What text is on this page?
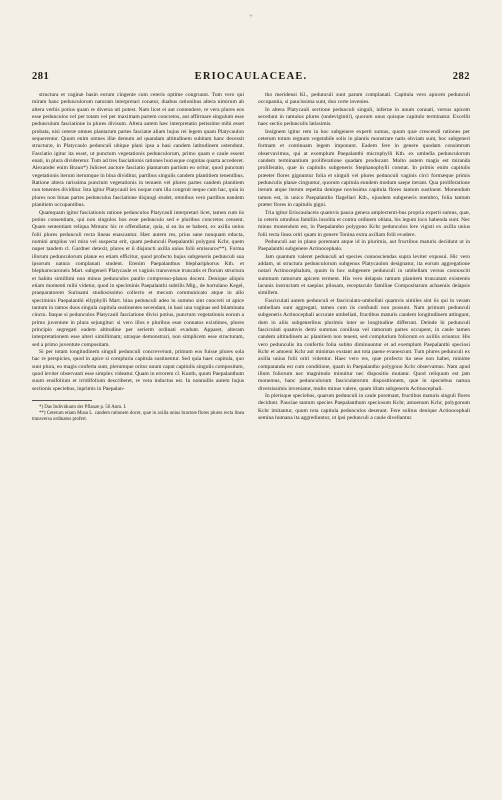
+
281	ERIOCAULACEAE.	282

structura et vaginæ basin eorum cingente cum ceteris optime congruunt. Tum vero qui miram hanc pedunculorum naturam interpretari conatur, duabus rationibus altera nimirum ab altera verbis potius quam re diversa uti potest. Nam licet ei aut contendere, re vera plures eos esse pedunculos vel per totam vel per maximam partem concretos, aut affirmare singulum esse pedunculum fasciatione in plures divisum. Altera autem hæc interpretatio petissime mihi esset probata, nisi ceteræ omnes plantarum partes fasciatæ aliam hujus rei legem quam Platycaulon sequerentur. Quum enim omnes illæ demum ad quandam altitudinem subitam hanc decessit structuræ, in Platycaulo pedunculi ubique plani ipsa a basi candem latitudinem ostendunt. Fasciatio igitur ita esset, ut punctum vegetationis pedunculorum, primo quam e caule essent enati, in plura divideretur. Tum ad tres fasciationis rationes hucusque cognitas quarta accederet. Alexander enim Braun*) Juliceet auctore fasciatio plantarum partium eo oritur, quod punctum vegetationis iterum iterumque in bina dividitur, partibus singulis candem plantitiem tenentibus. Ratione altera rarissima punctum vegetationis in tenuem vel plures partes candem planitiem non tenentes dividitur. Ista igitur Platycauli lex noque cum illa congrnit neque cum hac, quia in plures non binas partes pedunculus fasciatione disjungi studet, omnibus vero partibus eandem planitiem occupantibus.

Quamquam igitur fasciationis ratione pedunculos Platycauli interpretari licet, tamen cum iis potius consentiam, qui non singulos hos esse pedunculo sed e pluribus concretos censent. Quam sententiam reliqua Mrnunc hic re offendiatur, quia, si ea ita se habent, ex axilla unius folii plures pedunculi recta lineas enascantur. Hæc autem res, prius sane nunquam educta, nomini amplius vel mira vel suspecta erit, quam pedunculi Paepalanthi polygoni Kchr, quem nuper tandem cl. Gardner detexit, plures et ii disjuncti axilla unius folii emissuros**). Forma illorum pedunculorum planæ eo etiam efficitur, quod profecto hujus subgeneris pedunculi sua ipsorum natura complanati student. Etenim Paepalanthus blephariphorus Kth. et blepharocaroneis Mart. subgeneri Platycaule et vaginis transversæ truncatis et florum structura et habitu simillimi non minus pedunculos paullo compresso-planos docent. Denique aliquis etiam momenti mihi videtur, quod in speciminis Paepalanthi subtilis Mig., de hortulano Kegel, praeparatorem Surinami studiosissimo collecto et mecum communicato atque in allo speciminis Paepalanthi ellyphylli Mart. bina pedunculi adeo in summo sint concreti ut apice tantum in ramos duos singula capitula sustinentes secendant, in basi una vaginas sed bilaminata cinctu. Itaque si pedunculos Platycauli fasciatione divisi potius, punctum vegetationis eorum a primo juventute in plura sejungitur: si vero illos e pluribus esse connatos existimes, plures principio segregati eadem altitudine per serierm ordinati evadunt. Apparet, alteram interpretationem esse alteri simillimam; utraque demonstrari, non simplicem esse structuram, sed a primo juventute compositam.

Si per totam longitudinem singuli pedunculi concreverunt, primum eos fuisse plures sola hac re perspicies, quod in apice si compluria capitula sustinentur. Sed quia haec capitula, quo sunt plura, eo magis conferta sunt, plerumque oritur unum caput capitulis singulis compositum, quod leviter observanti esse simplex videatur. Quam in errorem cl. Kunth, quum Paepalanthum suum ensifolium et irridifolium describeret, re vera inductus est. In nonnullis autem hujus sectionis speciebus, inprimis in Paepalan-

*) Das Individuum der Pflanze p. 56 Anm. I.

**) Ceterum etiam Musa L. candem rationem docet, quæ in axilla unius bracteæ flores plures recta linea transversa ordinatos profert.

tho meridensi Kl., pedunculi sunt parum complanati. Capitula vero apicem pedunculi occupantia, si paucissima sunt, duo certe invenies.

In altera Platycauli sectione pedunculi singuli, inferne in unum connati, versus apicem secedunt in ramulos plures (undevigintii), quorum unus quisque capitulo terminatur. Excellit haec sectio pedunculis latissimis.

Insignem igitur rem in hoc subgenere experti sumus, quum quæ crescendi rationes per ceterum totum regnum vegetabile solis in plantis monstrare natis obviam sunt, hoc subgeneri formam et continuam legem imponunt. Eadem fere in genere quodam consimrum observavimus, qui at exemplum Paepalanthi microphylli Kth. ex umbella pedunculorum candem terminantium proliferatione quadam producant. Multo autem magis est miranda proliferatio, quæ in capitulis subgeneris Stephanophylli constat. In primis enim capitulis præeter flores gignuntur folia et singuli vel plures pedunculi vaginis circi formæque primis pedunculis planæ cinguntur, quorum capitula eundem modum saepe iterant. Qua proliferatione iterum atque iterum repetita denique novissima capitula flores tantum sustinent. Monendum tamen est, in unico Paepalantho flagellari Kth., ejusdem subgeneris membro, folia tantum præter flores in capitulis gigni.

Tria igitur Eriocaulaceis quamvis pauca genera amplectenti-bus propria experti sumus, quæ, in ceteris omnibus familiis insolita et contra ordinem oblata, his legum loco habenda sunt. Nec minus monendum est, in Paepalantho polygono Kchr pedunculos lere vigisti ex axilla unius folii recta linea oriri quam in genere Tonina extra axillam folii evadere.

Pedunculi aut in plano poremant atque id in plurimis, aut fructibus maturis decidunt ut in Paepalanthi subgenere Actinocephalo.

Jam quantum valeret pedunculi ad species connosciendas supra leviter exposui. Hic vero addam, ut structura pedunculorum subgenus Platycaulon designatur, ita eorum aggregatione notari Actinocephalum, quum in hoc subgenere pedunculi in umbellam versus connosciti summum ramorum apicem terment. His vero delapsis ramum planitem truncatam existentis lacunis instructam et saepius pilosam, receptaculo familiae Compositarum achaeniis delapsis simillem.

Fasciculati autem pedunculi et fasciculato-umbellati quamvis similes sint iis qui in veram umbellam sunt aggregati, tamen cum iis confundi non possunt. Nam primum pedunculi subgeneris Actinocephali accurate umbellati, fructibus maturis candem longitudinem attingunt, dum in aliis subgeneribus plurimis inter se longitudine differunt. Deinde hi pedunculi fasciculati quamvis demi summas conilissa vel ramorum partes occupent, in caule tamen candem altitudinem ac planitiem non tenent, sed complurium foliorum ex axillis oriuntur. His vero pedunculis ita confertis folia subito diminuuntur et ad exemplum Paepalanthi speciosi Kchr et amoeni Kchr aut minimas exstant aut tota paene evanescunt. Tum plures pedunculi ex axilla unius folii oriri videntur. Haec vero res, quæ profecto ita sese non habet, minime comparanda est cum conditione, quam in Paepalantho polygono Kchr observamus. Nam apud illum foliorum nec magnitudo minuitur nec dispositio mutatur. Quod reliquum est jam monemus, hanc pedunculorum fasciculatorum dispositionem, quæ in speciebus natura diversissimis inveniatur, multo minus valere, quam illam subgeneris Actinocephali.

In plerisque speciebus, quarum pedunculi in caule poremant, fructibus maturis singuli flores decidunt. Pauciae tantum species Paepalanthum speciosum Kchr, amoenum Kchr, polygonum Kchr imitantur, quum tota capitula pedunculos deserant. Fere solitus denique Actinocephali semina humana ita aggrediuntur, ut ipsi pedunculi a caule divellantur.
